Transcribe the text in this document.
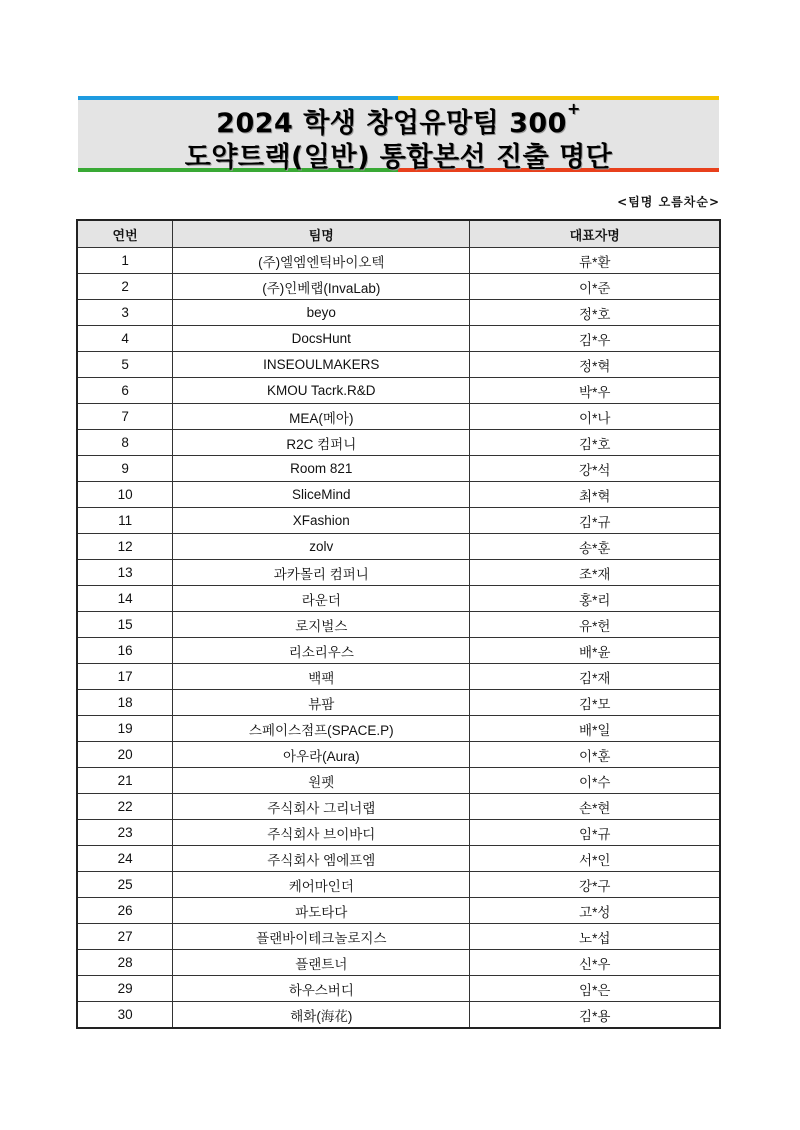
2024 학생 창업유망팀 300+
도약트랙(일반) 통합본선 진출 명단
<팀명 오름차순>
연번	팀명	대표자명
1	(주)엘엠엔틱바이오텍	류*환
2	(주)인베랩(InvaLab)	이*준
3	beyo	정*호
4	DocsHunt	김*우
5	INSEOULMAKERS	정*혁
6	KMOU Tacrk.R&D	박*우
7	MEA(메아)	이*나
8	R2C 컴퍼니	김*호
9	Room 821	강*석
10	SliceMind	최*혁
11	XFashion	김*규
12	zolv	송*훈
13	과카몰리 컴퍼니	조*재
14	라운더	홍*리
15	로지벌스	유*헌
16	리소리우스	배*윤
17	백팩	김*재
18	뷰팜	김*모
19	스페이스점프(SPACE.P)	배*일
20	아우라(Aura)	이*훈
21	원펫	이*수
22	주식회사 그리너랩	손*현
23	주식회사 브이바디	임*규
24	주식회사 엠에프엠	서*인
25	케어마인더	강*구
26	파도타다	고*성
27	플랜바이테크놀로지스	노*섭
28	플랜트너	신*우
29	하우스버디	임*은
30	해화(海花)	김*용
